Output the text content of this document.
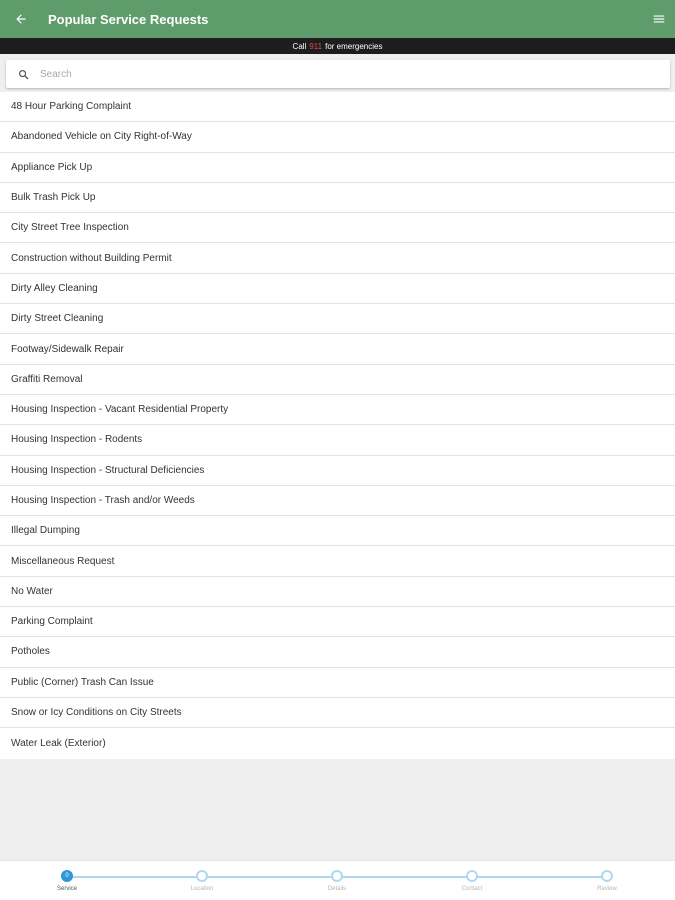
Popular Service Requests
Call 911 for emergencies
Search
48 Hour Parking Complaint
Abandoned Vehicle on City Right-of-Way
Appliance Pick Up
Bulk Trash Pick Up
City Street Tree Inspection
Construction without Building Permit
Dirty Alley Cleaning
Dirty Street Cleaning
Footway/Sidewalk Repair
Graffiti Removal
Housing Inspection - Vacant Residential Property
Housing Inspection - Rodents
Housing Inspection - Structural Deficiencies
Housing Inspection - Trash and/or Weeds
Illegal Dumping
Miscellaneous Request
No Water
Parking Complaint
Potholes
Public (Corner) Trash Can Issue
Snow or Icy Conditions on City Streets
Water Leak (Exterior)
0
Service	Location	Details	Contact	Review
